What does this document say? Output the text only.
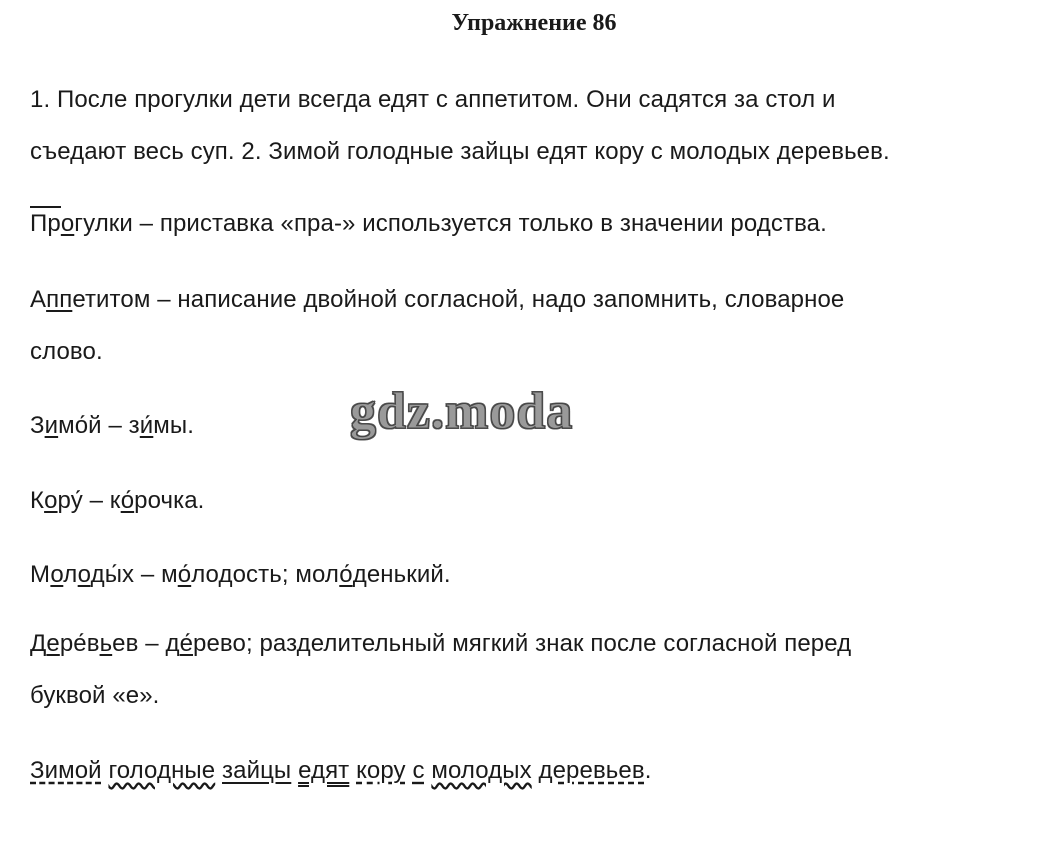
Упражнение 86
1. После прогулки дети всегда едят с аппетитом. Они садятся за стол и
съедают весь суп. 2. Зимой голодные зайцы едят кору с молодых деревьев.
Прогулки – приставка «пра-» используется только в значении родства.
Аппетитом – написание двойной согласной, надо запомнить, словарное
слово.
Зимо́й – зи́мы.
Кору́ – ко́рочка.
Молоды́х – мо́лодость; моло́денький.
Дере́вьев – де́рево; разделительный мягкий знак после согласной перед
буквой «е».
Зимой голодные зайцы едят кору с молодых деревьев.
gdz.moda
